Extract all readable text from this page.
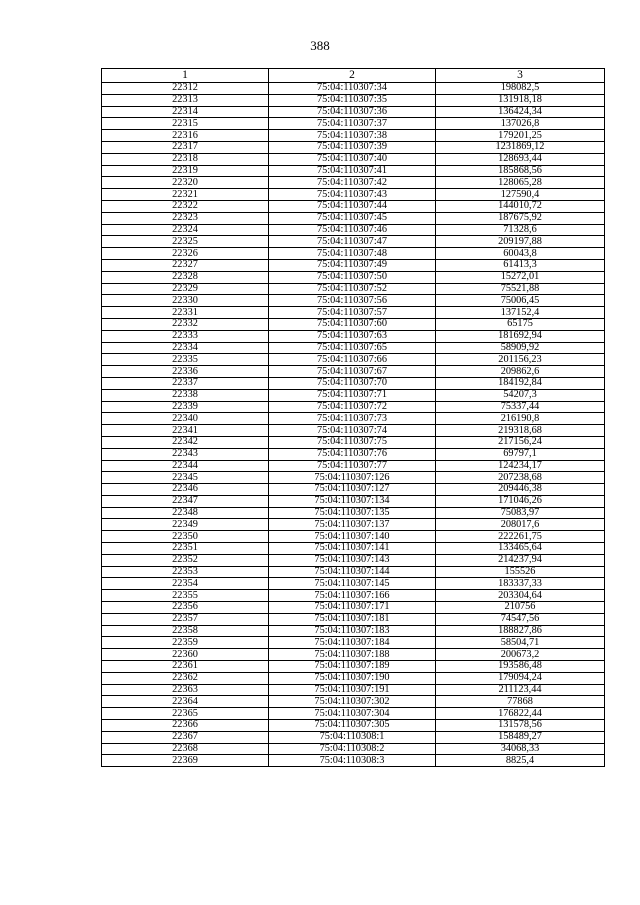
388
1	2	3
22312	75:04:110307:34	198082,5
22313	75:04:110307:35	131918,18
22314	75:04:110307:36	136424,34
22315	75:04:110307:37	137026,8
22316	75:04:110307:38	179201,25
22317	75:04:110307:39	1231869,12
22318	75:04:110307:40	128693,44
22319	75:04:110307:41	185868,56
22320	75:04:110307:42	128065,28
22321	75:04:110307:43	127590,4
22322	75:04:110307:44	144010,72
22323	75:04:110307:45	187675,92
22324	75:04:110307:46	71328,6
22325	75:04:110307:47	209197,88
22326	75:04:110307:48	60043,8
22327	75:04:110307:49	61413,3
22328	75:04:110307:50	15272,01
22329	75:04:110307:52	75521,88
22330	75:04:110307:56	75006,45
22331	75:04:110307:57	137152,4
22332	75:04:110307:60	65175
22333	75:04:110307:63	181692,94
22334	75:04:110307:65	58909,92
22335	75:04:110307:66	201156,23
22336	75:04:110307:67	209862,6
22337	75:04:110307:70	184192,84
22338	75:04:110307:71	54207,3
22339	75:04:110307:72	75337,44
22340	75:04:110307:73	216190,8
22341	75:04:110307:74	219318,68
22342	75:04:110307:75	217156,24
22343	75:04:110307:76	69797,1
22344	75:04:110307:77	124234,17
22345	75:04:110307:126	207238,68
22346	75:04:110307:127	209446,38
22347	75:04:110307:134	171046,26
22348	75:04:110307:135	75083,97
22349	75:04:110307:137	208017,6
22350	75:04:110307:140	222261,75
22351	75:04:110307:141	133465,64
22352	75:04:110307:143	214237,94
22353	75:04:110307:144	155526
22354	75:04:110307:145	183337,33
22355	75:04:110307:166	203304,64
22356	75:04:110307:171	210756
22357	75:04:110307:181	74547,56
22358	75:04:110307:183	188827,86
22359	75:04:110307:184	58504,71
22360	75:04:110307:188	200673,2
22361	75:04:110307:189	193586,48
22362	75:04:110307:190	179094,24
22363	75:04:110307:191	211123,44
22364	75:04:110307:302	77868
22365	75:04:110307:304	176822,44
22366	75:04:110307:305	131578,56
22367	75:04:110308:1	158489,27
22368	75:04:110308:2	34068,33
22369	75:04:110308:3	8825,4
